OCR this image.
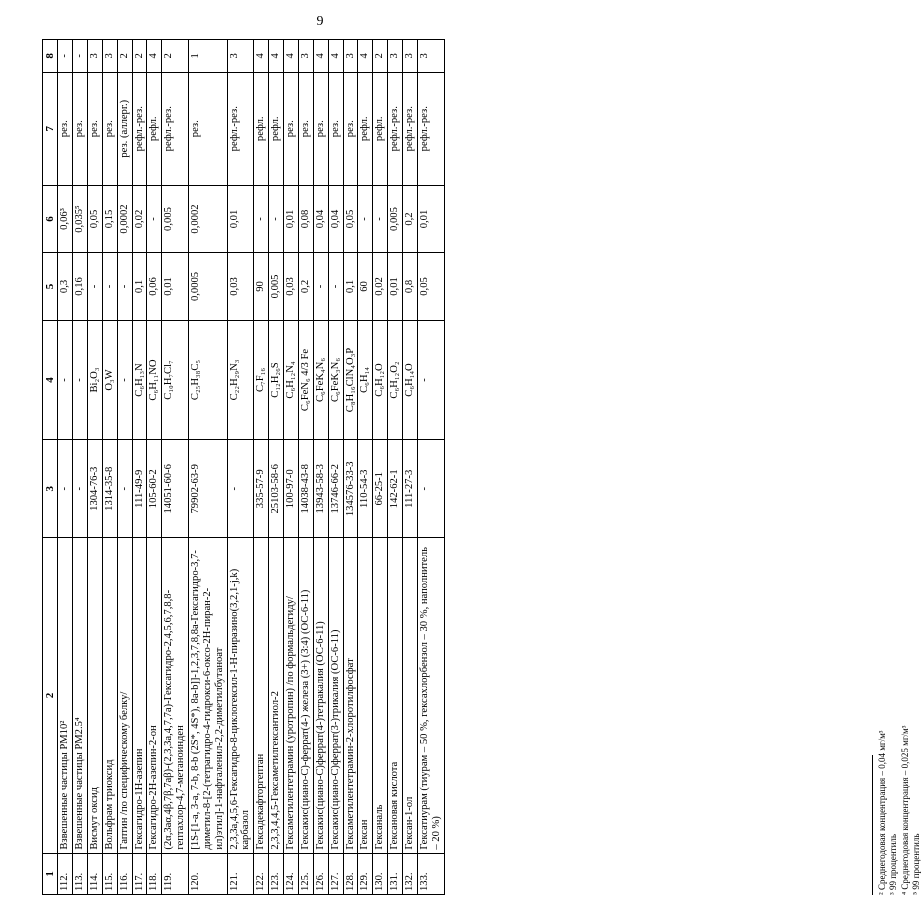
9
1	2	3	4	5	6	7	8
112.	Взвешенные частицы PM10²	-	-	0,3	0,06³	рез.	-
113.	Взвешенные частицы PM2.5⁴	-	-	0,16	0,035⁵	рез.	-
114.	Висмут оксид	1304-76-3	Bi₂O₃	-	0,05	рез.	3
115.	Вольфрам триоксид	1314-35-8	O₃W	-	0,15	рез.	3
116.	Гаптин /по специфическому белку/	-	-	-	0,0002	рез. (аллерг.)	2
117.	Гексагидро-1Н-азепин	111-49-9	C₆H₁₃N	0,1	0,02	рефл.-рез.	2
118.	Гексагидро-2Н-азепин-2-он	105-60-2	C₆H₁₁NO	0,06	-	рефл.	4
119.	(2α,3аα,4β,7β,7аβ)-(2,3,3а,4,7,7а)-Гексагидро-2,4,5,6,7,8,8-гептахлор-4,7-метаноинден	14051-60-6	C₁₀H₇Cl₇	0,01	0,005	рефл.-рез.	2
120.	[1S-[1-a, 3-a, 7-b, 8-b (2S*, 4S*), 8a-b]]-1,2,3,7,8,8а-Гексагидро-3,7-диметил-8-[2-(тетрагидро-4-гидрокси-6-оксо-2Н-пиран-2-ил)этил]-1-нафталенил-2,2-диметилбутаноат	79902-63-9	C₂₅H₃₈C₅	0,0005	0,0002	рез.	1
121.	2,3,3а,4,5,6-Гексагидро-8-циклогексил-1-Н-пиразино(3,2,1-j,k) карбазол	-	C₂₂H₂₉N₃	0,03	0,01	рефл.-рез.	3
122.	Гексадекафторгептан	335-57-9	C₇F₁₆	90	-	рефл.	4
123.	2,3,3,4,4,5-Гексаметилгексантиол-2	25103-58-6	C₁₂H₂₆S	0,005	-	рефл.	4
124.	Гексаметилентетрамин (уротропин) /по формальдегиду/	100-97-0	C₆H₁₂N₄	0,03	0,01	рез.	4
125.	Гексакис(циано-С)-феррат(4-) железа (3+) (3:4) (ОС-6-11)	14038-43-8	C₆FeN₆ 4/3 Fe	0,2	0,08	рез.	3
126.	Гексакис(циано-С)феррат(4-)тетракалия (ОС-6-11)	13943-58-3	C₆FeK₄N₆	-	0,04	рез.	4
127.	Гексакис(циано-С)феррат(3-)трикалия (ОС-6-11)	13746-66-2	C₆FeK₃N₆	-	0,04	рез.	4
128.	Гексаметилентетрамин-2-хлоротилфосфат	134576-33-3	C₈H₁₆ClN₄O₃P	0,1	0,05	рез.	3
129.	Гексан	110-54-3	C₆H₁₄	60	-	рефл.	4
130.	Гексаналь	66-25-1	C₆H₁₂O	0,02	-	рефл.	2
131.	Гексановая кислота	142-62-1	C₆H₁₂O₂	0,01	0,005	рефл.-рез.	3
132.	Гексан-1-ол	111-27-3	C₆H₁₄O	0,8	0,2	рефл.-рез.	3
133.	Гексатиурам (тиурам – 50 %, гексахлорбензол – 30 %, наполнитель – 20 %)	-	-	0,05	0,01	рефл.-рез.	3
² Среднегодовая концентрация – 0,04 мг/м³ ³ 99 процентиль ⁴ Среднегодовая концентрация – 0,025 мг/м³ ⁵ 99 процентиль
